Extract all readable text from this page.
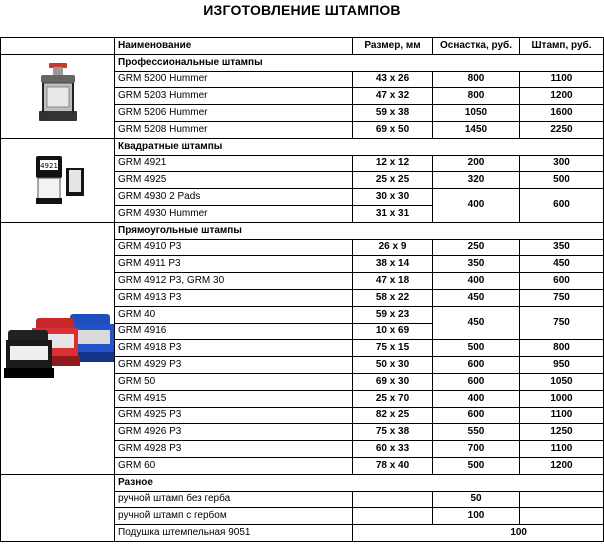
ИЗГОТОВЛЕНИЕ ШТАМПОВ
	Наименование	Размер, мм	Оснастка, руб.	Штамп, руб.

	Профессиональные штампы			
	GRM 5200 Hummer	43 х 26	800	1100
	GRM 5203 Hummer	47 х 32	800	1200
	GRM 5206 Hummer	59 х 38	1050	1600
	GRM 5208 Hummer	69 х 50	1450	2250

4921	Квадратные штампы			
	GRM 4921	12 х 12	200	300
	GRM 4925	25 х 25	320	500
	GRM 4930 2 Pads	30 х 30	400	600
	GRM 4930 Hummer	31 х 31		

	Прямоугольные штампы			
	GRM 4910 P3	26 х 9	250	350
	GRM 4911 P3	38 х 14	350	450
	GRM 4912 P3, GRM 30	47 х 18	400	600
	GRM 4913 P3	58 х 22	450	750
	GRM 40	59 х 23	450	750
	GRM 4916	10 х 69		
	GRM 4918 P3	75 х 15	500	800
	GRM 4929 P3	50 х 30	600	950
	GRM 50	69 х 30	600	1050
	GRM 4915	25 х 70	400	1000
	GRM 4925 P3	82 х 25	600	1100
	GRM 4926 P3	75 х 38	550	1250
	GRM 4928 P3	60 х 33	700	1100
	GRM 60	78 х 40	500	1200
	Разное			
	ручной штамп без герба		50	
	ручной штамп с гербом		100	
	Подушка штемпельная 9051	100		
